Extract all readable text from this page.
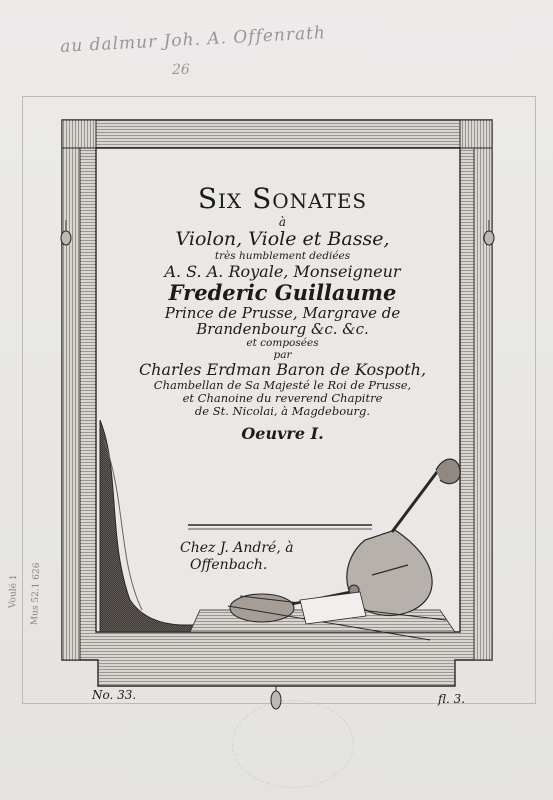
au dalmur Joh. A. Offenrath
26
Six Sonates
à
Violon, Viole et Basse,
très humblement dediées
A. S. A. Royale, Monseigneur
Frederic Guillaume
Prince de Prusse, Margrave de
Brandenbourg &c. &c.
et composées
par
Charles Erdman Baron de Kospoth,
Chambellan de Sa Majesté le Roi de Prusse,
et Chanoine du reverend Chapitre
de St. Nicolai, à Magdebourg.
Oeuvre I.
Chez J. André, à
Offenbach.
No. 33.	fl. 3.
Voulé 1
Mus 52.1 626
